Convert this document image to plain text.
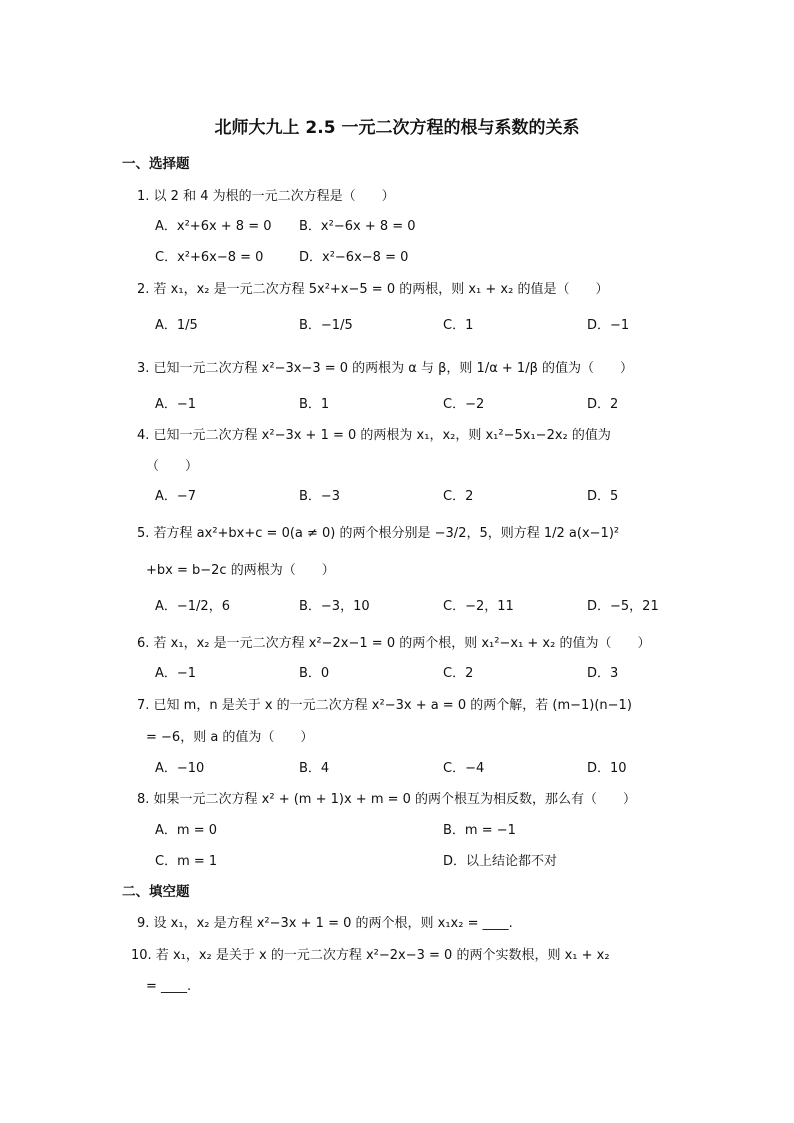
北师大九上 2.5 一元二次方程的根与系数的关系
一、选择题
1. 以 2 和 4 为根的一元二次方程是（　　）
A．x²+6x + 8 = 0 B．x²−6x + 8 = 0
C．x²+6x−8 = 0	D．x²−6x−8 = 0
2. 若 x₁，x₂ 是一元二次方程 5x²+x−5 = 0 的两根，则 x₁ + x₂ 的值是（　　）
A．1/5	B．−1/5	C．1	D．−1
3. 已知一元二次方程 x²−3x−3 = 0 的两根为 α 与 β，则 1/α + 1/β 的值为（　　）
A．−1	B．1	C．−2	D．2
4. 已知一元二次方程 x²−3x + 1 = 0 的两根为 x₁，x₂，则 x₁²−5x₁−2x₂ 的值为
（　　）
A．−7	B．−3	C．2	D．5
5. 若方程 ax²+bx+c = 0(a ≠ 0) 的两个根分别是 −3/2，5，则方程 1/2 a(x−1)²
+bx = b−2c 的两根为（　　）
A．−1/2，6	B．−3，10	C．−2，11	D．−5，21
6. 若 x₁，x₂ 是一元二次方程 x²−2x−1 = 0 的两个根，则 x₁²−x₁ + x₂ 的值为（　　）
A．−1	B．0	C．2	D．3
7. 已知 m，n 是关于 x 的一元二次方程 x²−3x + a = 0 的两个解，若 (m−1)(n−1)
= −6，则 a 的值为（　　）
A．−10	B．4	C．−4	D．10
8. 如果一元二次方程 x² + (m + 1)x + m = 0 的两个根互为相反数，那么有（　　）
A．m = 0	B．m = −1
C．m = 1	D．以上结论都不对
二、填空题
9. 设 x₁，x₂ 是方程 x²−3x + 1 = 0 的两个根，则 x₁x₂ = ____.
10. 若 x₁，x₂ 是关于 x 的一元二次方程 x²−2x−3 = 0 的两个实数根，则 x₁ + x₂
= ____.
